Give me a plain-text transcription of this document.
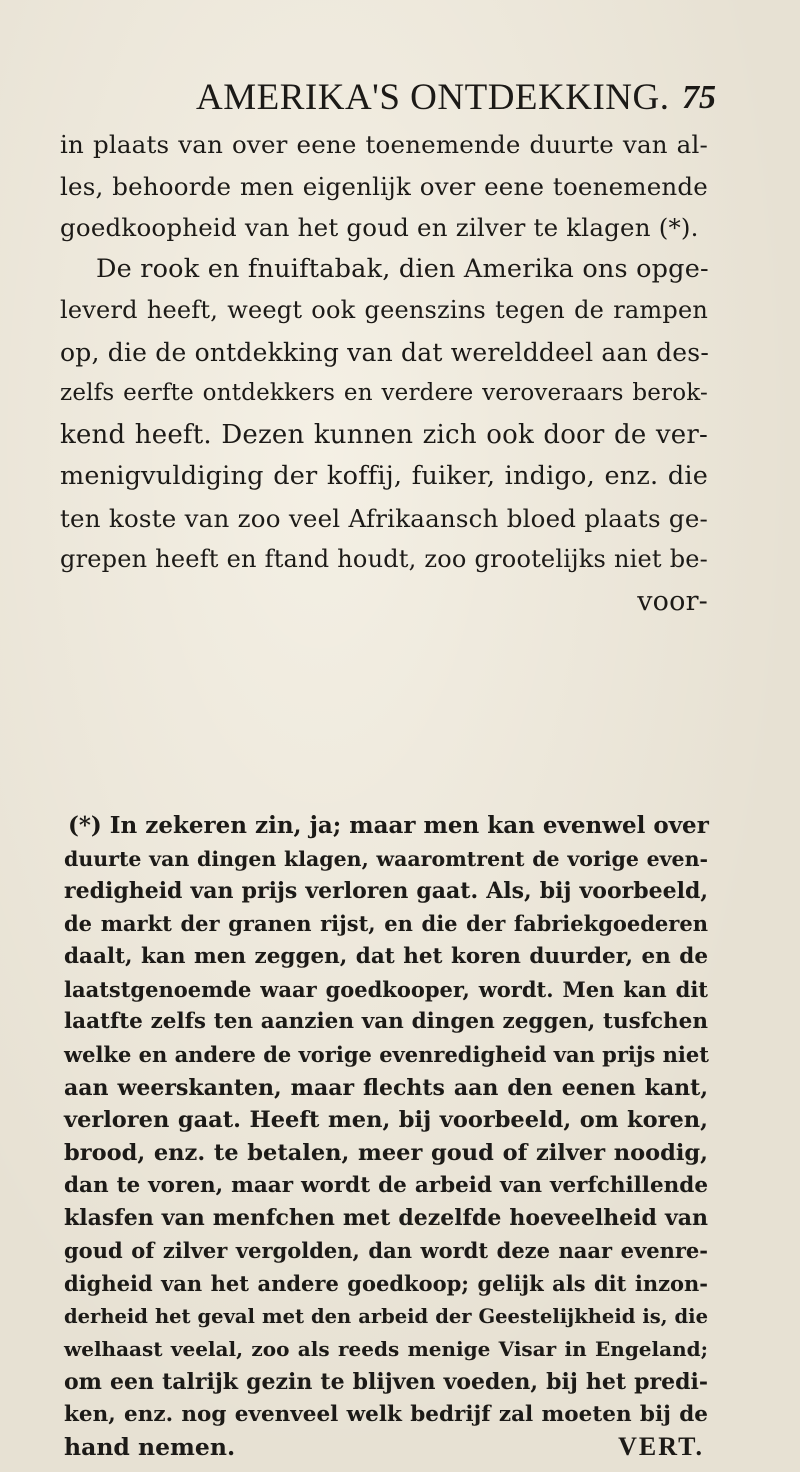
AMERIKA'S ONTDEKKING. 75
in plaats van over eene toenemende duurte van al-
les, behoorde men eigenlijk over eene toenemende
goedkoopheid van het goud en zilver te klagen (*).
De rook en fnuiftabak, dien Amerika ons opge-
leverd heeft, weegt ook geenszins tegen de rampen
op, die de ontdekking van dat werelddeel aan des-
zelfs eerfte ontdekkers en verdere veroveraars berok-
kend heeft. Dezen kunnen zich ook door de ver-
menigvuldiging der koffij, fuiker, indigo, enz. die
ten koste van zoo veel Afrikaansch bloed plaats ge-
grepen heeft en ftand houdt, zoo grootelijks niet be-
voor-
(*) In zekeren zin, ja; maar men kan evenwel over
duurte van dingen klagen, waaromtrent de vorige even-
redigheid van prijs verloren gaat. Als, bij voorbeeld,
de markt der granen rijst, en die der fabriekgoederen
daalt, kan men zeggen, dat het koren duurder, en de
laatstgenoemde waar goedkooper, wordt. Men kan dit
laatfte zelfs ten aanzien van dingen zeggen, tusfchen
welke en andere de vorige evenredigheid van prijs niet
aan weerskanten, maar flechts aan den eenen kant,
verloren gaat. Heeft men, bij voorbeeld, om koren,
brood, enz. te betalen, meer goud of zilver noodig,
dan te voren, maar wordt de arbeid van verfchillende
klasfen van menfchen met dezelfde hoeveelheid van
goud of zilver vergolden, dan wordt deze naar evenre-
digheid van het andere goedkoop; gelijk als dit inzon-
derheid het geval met den arbeid der Geestelijkheid is, die
welhaast veelal, zoo als reeds menige Visar in Engeland;
om een talrijk gezin te blijven voeden, bij het predi-
ken, enz. nog evenveel welk bedrijf zal moeten bij de
hand nemen.	VERT.
